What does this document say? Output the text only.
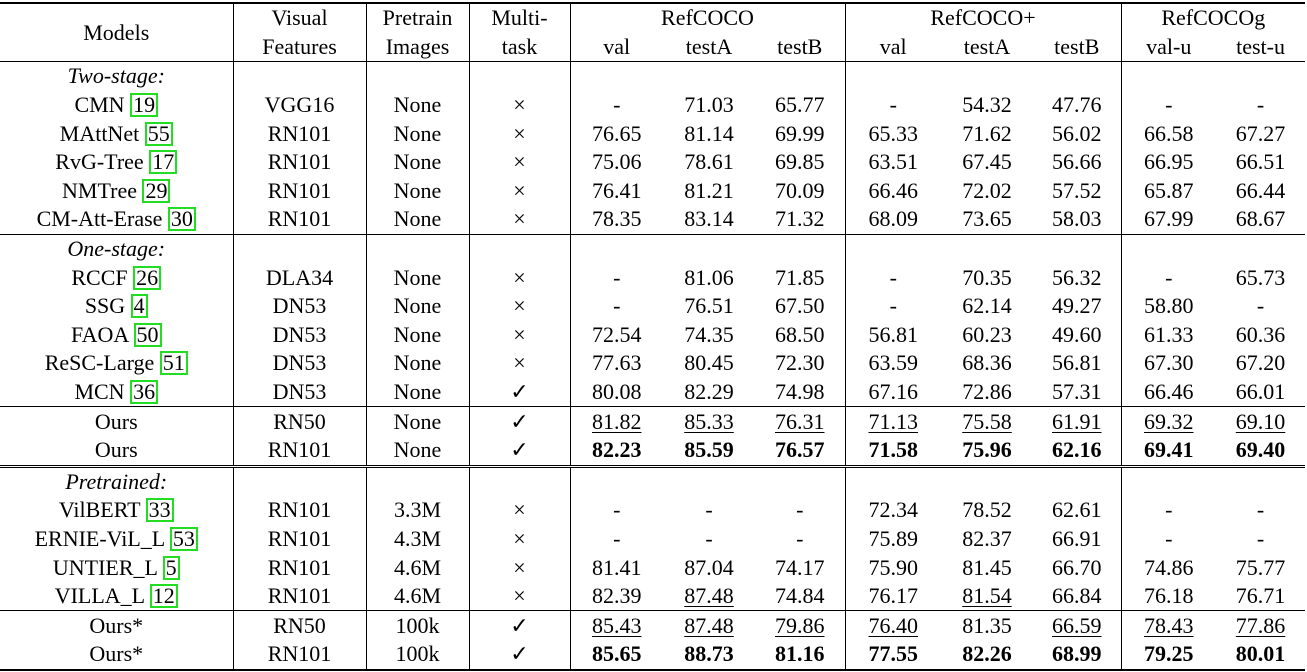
Models	Visual	Pretrain	Multi-	RefCOCO			RefCOCO+			RefCOCOg	
	Features	Images	task	val	testA	testB	val	testA	testB	val-u	test-u
Two-stage:											
CMN 19	VGG16	None	×	-	71.03	65.77	-	54.32	47.76	-	-
MAttNet 55	RN101	None	×	76.65	81.14	69.99	65.33	71.62	56.02	66.58	67.27
RvG-Tree 17	RN101	None	×	75.06	78.61	69.85	63.51	67.45	56.66	66.95	66.51
NMTree 29	RN101	None	×	76.41	81.21	70.09	66.46	72.02	57.52	65.87	66.44
CM-Att-Erase 30	RN101	None	×	78.35	83.14	71.32	68.09	73.65	58.03	67.99	68.67
One-stage:											
RCCF 26	DLA34	None	×	-	81.06	71.85	-	70.35	56.32	-	65.73
SSG 4	DN53	None	×	-	76.51	67.50	-	62.14	49.27	58.80	-
FAOA 50	DN53	None	×	72.54	74.35	68.50	56.81	60.23	49.60	61.33	60.36
ReSC-Large 51	DN53	None	×	77.63	80.45	72.30	63.59	68.36	56.81	67.30	67.20
MCN 36	DN53	None	✓	80.08	82.29	74.98	67.16	72.86	57.31	66.46	66.01
Ours	RN50	None	✓	81.82	85.33	76.31	71.13	75.58	61.91	69.32	69.10
Ours	RN101	None	✓	82.23	85.59	76.57	71.58	75.96	62.16	69.41	69.40
Pretrained:											
VilBERT 33	RN101	3.3M	×	-	-	-	72.34	78.52	62.61	-	-
ERNIE-ViL_L 53	RN101	4.3M	×	-	-	-	75.89	82.37	66.91	-	-
UNTIER_L 5	RN101	4.6M	×	81.41	87.04	74.17	75.90	81.45	66.70	74.86	75.77
VILLA_L 12	RN101	4.6M	×	82.39	87.48	74.84	76.17	81.54	66.84	76.18	76.71
Ours*	RN50	100k	✓	85.43	87.48	79.86	76.40	81.35	66.59	78.43	77.86
Ours*	RN101	100k	✓	85.65	88.73	81.16	77.55	82.26	68.99	79.25	80.01
